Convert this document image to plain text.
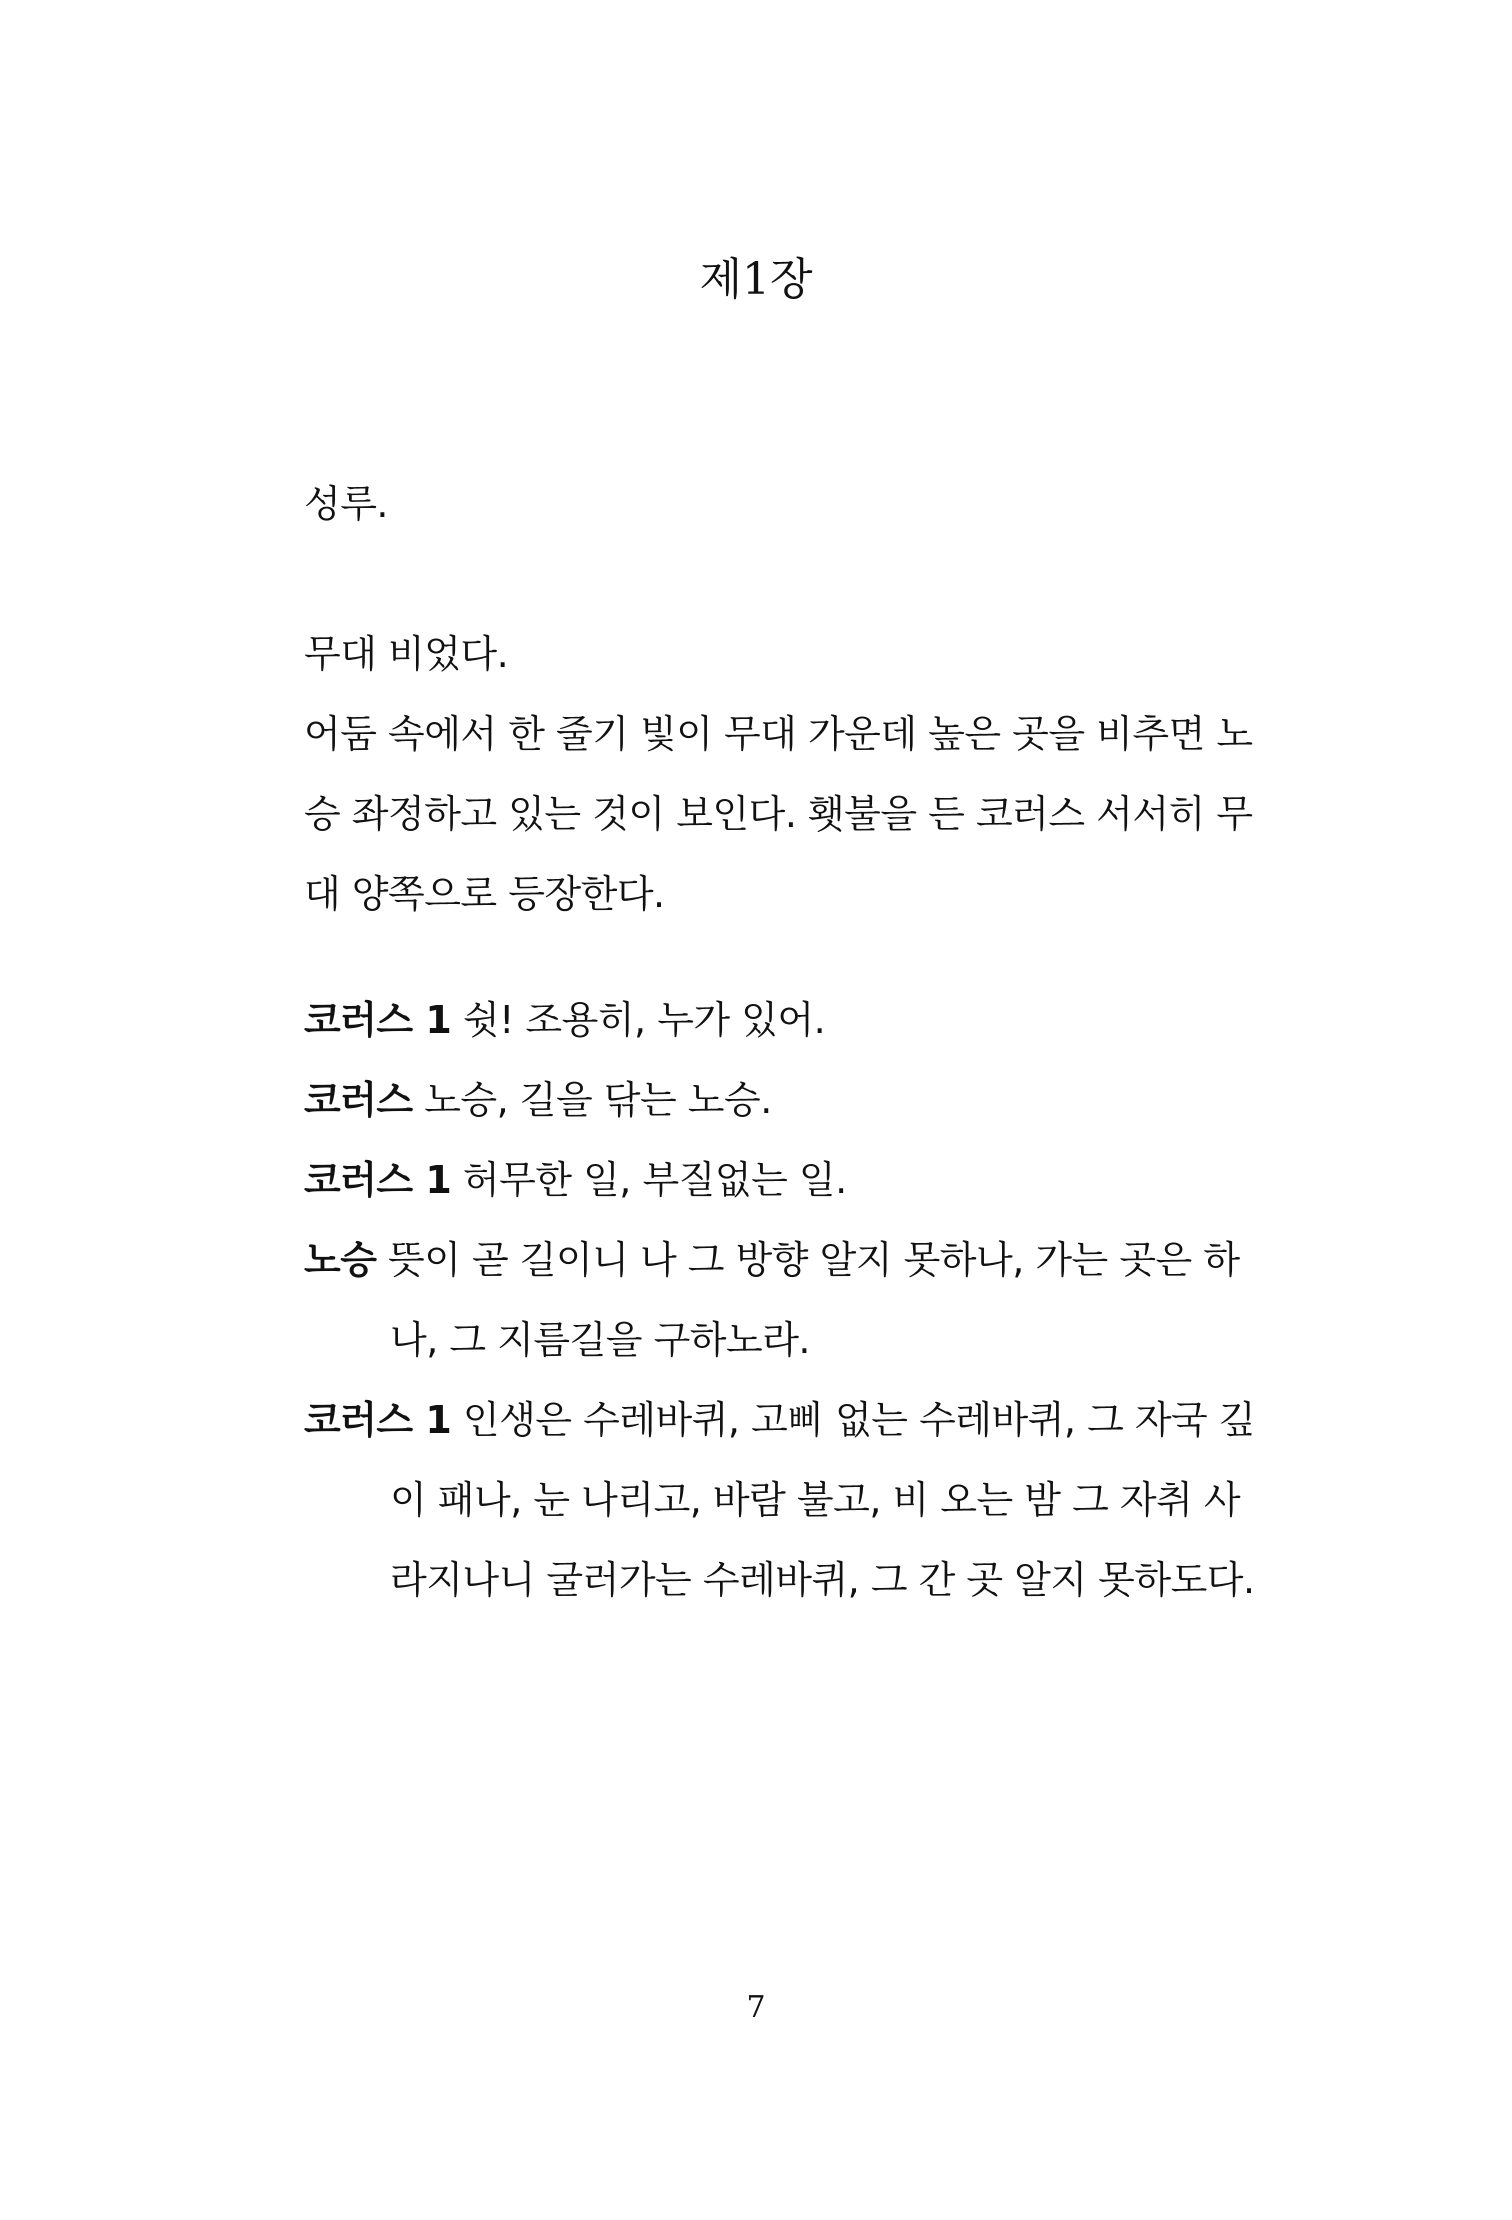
제1장

성루.

무대 비었다.

어둠 속에서 한 줄기 빛이 무대 가운데 높은 곳을 비추면 노

승 좌정하고 있는 것이 보인다. 횃불을 든 코러스 서서히 무

대 양쪽으로 등장한다.

코러스 1 쉿! 조용히, 누가 있어.
코러스 노승, 길을 닦는 노승.
코러스 1 허무한 일, 부질없는 일.
노승 뜻이 곧 길이니 나 그 방향 알지 못하나, 가는 곳은 하
나, 그 지름길을 구하노라.
코러스 1 인생은 수레바퀴, 고삐 없는 수레바퀴, 그 자국 깊
이 패나, 눈 나리고, 바람 불고, 비 오는 밤 그 자취 사
라지나니 굴러가는 수레바퀴, 그 간 곳 알지 못하도다.
7
